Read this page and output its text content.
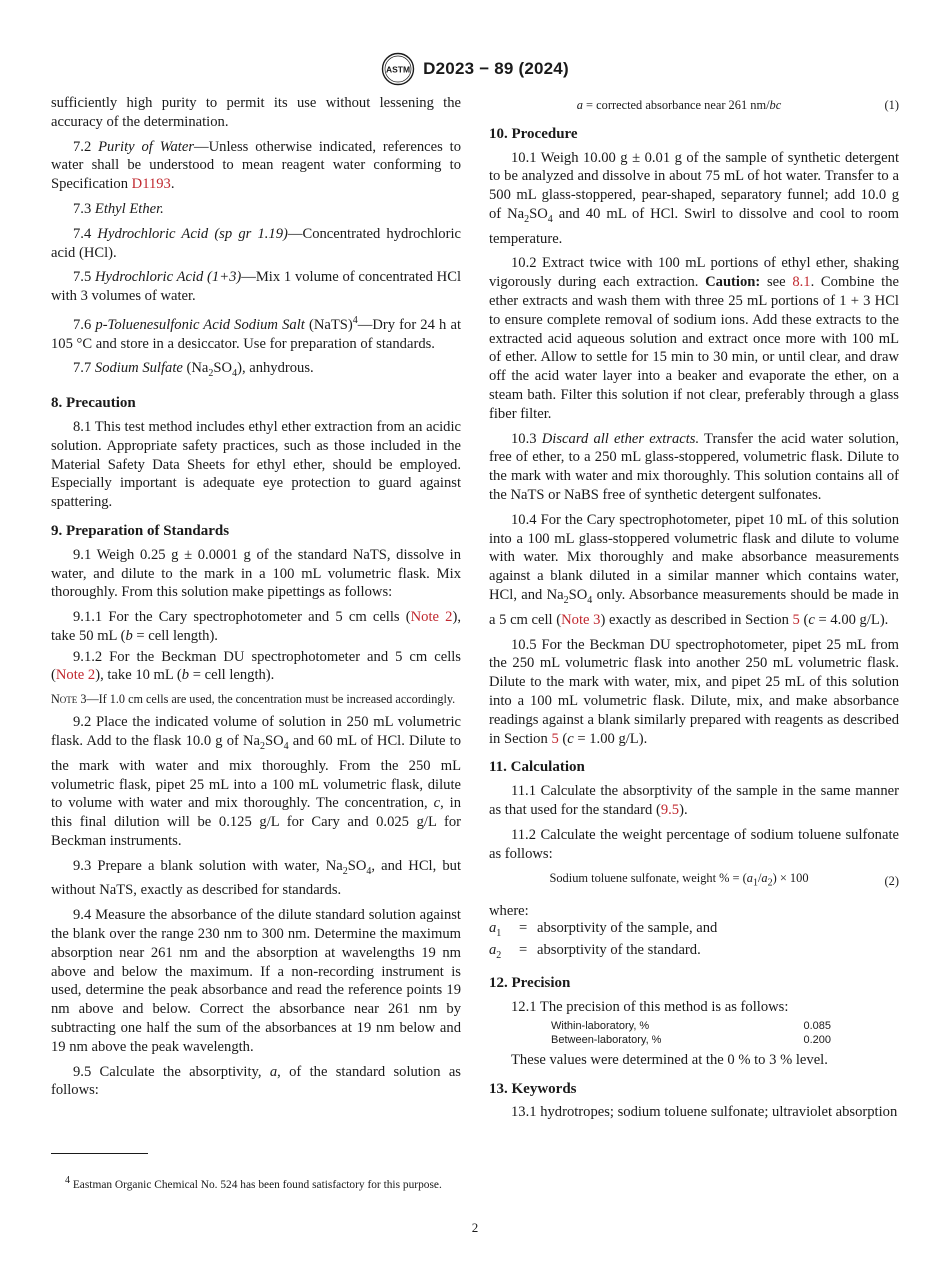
ASTM D2023 − 89 (2024)

sufficiently high purity to permit its use without lessening the accuracy of the determination.

7.2 Purity of Water—Unless otherwise indicated, references to water shall be understood to mean reagent water conforming to Specification D1193.

7.3 Ethyl Ether.

7.4 Hydrochloric Acid (sp gr 1.19)—Concentrated hydrochloric acid (HCl).

7.5 Hydrochloric Acid (1+3)—Mix 1 volume of concentrated HCl with 3 volumes of water.

7.6 p-Toluenesulfonic Acid Sodium Salt (NaTS)$^4$—Dry for 24 h at 105 °C and store in a desiccator. Use for preparation of standards.

7.7 Sodium Sulfate $(Na_2SO_4)$, anhydrous.

8. Precaution

8.1 This test method includes ethyl ether extraction from an acidic solution. Appropriate safety practices, such as those included in the Material Safety Data Sheets for ethyl ether, should be employed. Especially important is adequate eye protection to guard against spattering.

9. Preparation of Standards

9.1 Weigh 0.25 g ± 0.0001 g of the standard NaTS, dissolve in water, and dilute to the mark in a 100 mL volumetric flask. Mix thoroughly. From this solution make pipettings as follows:

9.1.1 For the Cary spectrophotometer and 5 cm cells (Note 2), take 50 mL (b = cell length).

9.1.2 For the Beckman DU spectrophotometer and 5 cm cells (Note 2), take 10 mL (b = cell length).

Note 3—If 1.0 cm cells are used, the concentration must be increased accordingly.

9.2 Place the indicated volume of solution in 250 mL volumetric flask. Add to the flask 10.0 g of $Na_2SO_4$ and 60 mL of HCl. Dilute to the mark with water and mix thoroughly. From the 250 mL volumetric flask, pipet 25 mL into a 100 mL volumetric flask, dilute to volume with water and mix thoroughly. The concentration, c, in this final dilution will be 0.125 g/L for Cary and 0.025 g/L for Beckman instruments.

9.3 Prepare a blank solution with water, $Na_2SO_4$, and HCl, but without NaTS, exactly as described for standards.

9.4 Measure the absorbance of the dilute standard solution against the blank over the range 230 nm to 300 nm. Determine the maximum absorption near 261 nm and the absorption at wavelengths 19 nm above and below the maximum. If a non-recording instrument is used, determine the peak absorbance and read the reference points 19 nm above and below. Correct the absorbance near 261 nm by subtracting one half the sum of the absorbances at 19 nm below and 19 nm above the peak wavelength.

9.5 Calculate the absorptivity, a, of the standard solution as follows:

$^4$ Eastman Organic Chemical No. 524 has been found satisfactory for this purpose.

a = corrected absorbance near 261 nm/bc	(1)
10. Procedure

10.1 Weigh 10.00 g ± 0.01 g of the sample of synthetic detergent to be analyzed and dissolve in about 75 mL of hot water. Transfer to a 500 mL glass-stoppered, pear-shaped, separatory funnel; add 10.0 g of $Na_2SO_4$ and 40 mL of HCl. Swirl to dissolve and cool to room temperature.

10.2 Extract twice with 100 mL portions of ethyl ether, shaking vigorously during each extraction. Caution: see 8.1. Combine the ether extracts and wash them with three 25 mL portions of 1 + 3 HCl to ensure complete removal of sodium ions. Add these extracts to the extracted acid aqueous solution and extract once more with 100 mL of ether. Allow to settle for 15 min to 30 min, or until clear, and draw off the acid water layer into a beaker and evaporate the ether, on a steam bath. Filter this solution if not clear, preferably through a glass fiber filter.

10.3 Discard all ether extracts. Transfer the acid water solution, free of ether, to a 250 mL glass-stoppered, volumetric flask. Dilute to the mark with water and mix thoroughly. This solution contains all of the NaTS or NaBS free of synthetic detergent sulfonates.

10.4 For the Cary spectrophotometer, pipet 10 mL of this solution into a 100 mL glass-stoppered volumetric flask and dilute to volume with water. Mix thoroughly and make absorbance measurements against a blank diluted in a similar manner which contains water, HCl, and $Na_2SO_4$ only. Absorbance measurements should be made in a 5 cm cell (Note 3) exactly as described in Section 5 (c = 4.00 g/L).

10.5 For the Beckman DU spectrophotometer, pipet 25 mL from the 250 mL volumetric flask into another 250 mL volumetric flask. Dilute to the mark with water, mix, and pipet 25 mL of this solution into a 100 mL volumetric flask. Dilute, mix, and make absorbance readings against a blank similarly prepared with reagents as described in Section 5 (c = 1.00 g/L).

11. Calculation

11.1 Calculate the absorptivity of the sample in the same manner as that used for the standard (9.5).

11.2 Calculate the weight percentage of sodium toluene sulfonate as follows:

Sodium toluene sulfonate, weight % = $(a_1/a_2) \times 100$	(2)

where:

$a_1$	= absorptivity of the sample, and
$a_2$	= absorptivity of the standard.
12. Precision

12.1 The precision of this method is as follows:

Within-laboratory, %	0.085
Between-laboratory, %	0.200

These values were determined at the 0 % to 3 % level.

13. Keywords

13.1 hydrotropes; sodium toluene sulfonate; ultraviolet absorption

2
